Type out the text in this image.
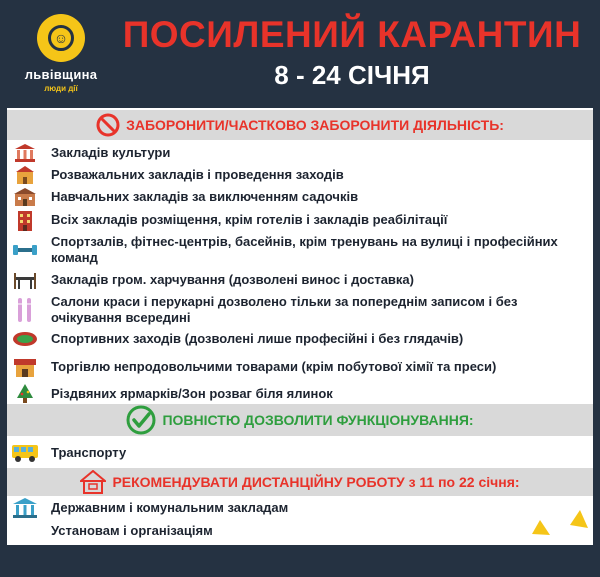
☺
львівщина
люди дії
ПОСИЛЕНИЙ КАРАНТИН
8 - 24 СІЧНЯ
ЗАБОРОНИТИ/ЧАСТКОВО ЗАБОРОНИТИ ДІЯЛЬНІСТЬ:
Закладів культури
Розважальних закладів і проведення заходів
Навчальних закладів за виключенням садочків
Всіх закладів розміщення, крім готелів і закладів реабілітації
Спортзалів, фітнес-центрів, басейнів, крім тренувань на вулиці і професійних команд
Закладів гром. харчування (дозволені винос і доставка)
Салони краси і перукарні дозволено тільки за попереднім записом і без очікування всередині
Спортивних заходів (дозволені лише професійні і без глядачів)
Торгівлю непродовольчими товарами (крім побутової хімії та преси)
Різдвяних ярмарків/Зон розваг біля ялинок
ПОВНІСТЮ ДОЗВОЛИТИ ФУНКЦІОНУВАННЯ:
Транспорту
РЕКОМЕНДУВАТИ ДИСТАНЦІЙНУ РОБОТУ з 11 по 22 січня:
Державним і комунальним закладам
Установам і організаціям
